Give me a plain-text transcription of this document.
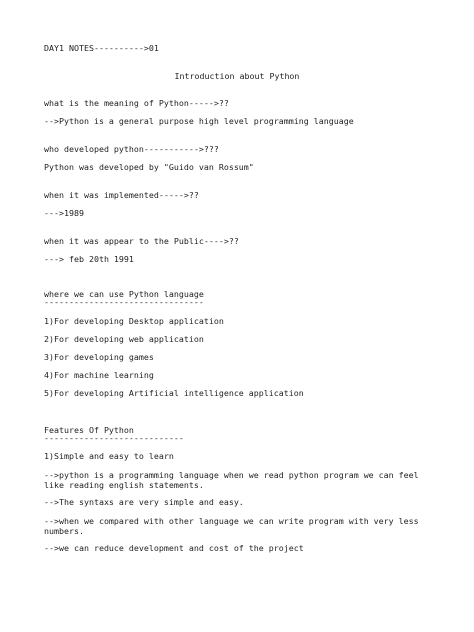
DAY1 NOTES---------->01
Introduction about Python
what is the meaning of Python----->??
-->Python is a general purpose high level programming language
who developed python----------->???
Python was developed by "Guido van Rossum"
when it was implemented----->??
--->1989
when it was appear to the Public---->??
---> feb 20th 1991
where we can use Python language
--------------------------------
1)For developing Desktop application
2)For developing web application
3)For developing games
4)For machine learning
5)For developing Artificial intelligence application
Features Of Python
----------------------------
1)Simple and easy to learn
-->python is a programming language when we read python program we can feel like reading english statements.
-->The syntaxs are very simple and easy.
-->when we compared with other language we can write program with very less numbers.
-->we can reduce development and cost of the project
